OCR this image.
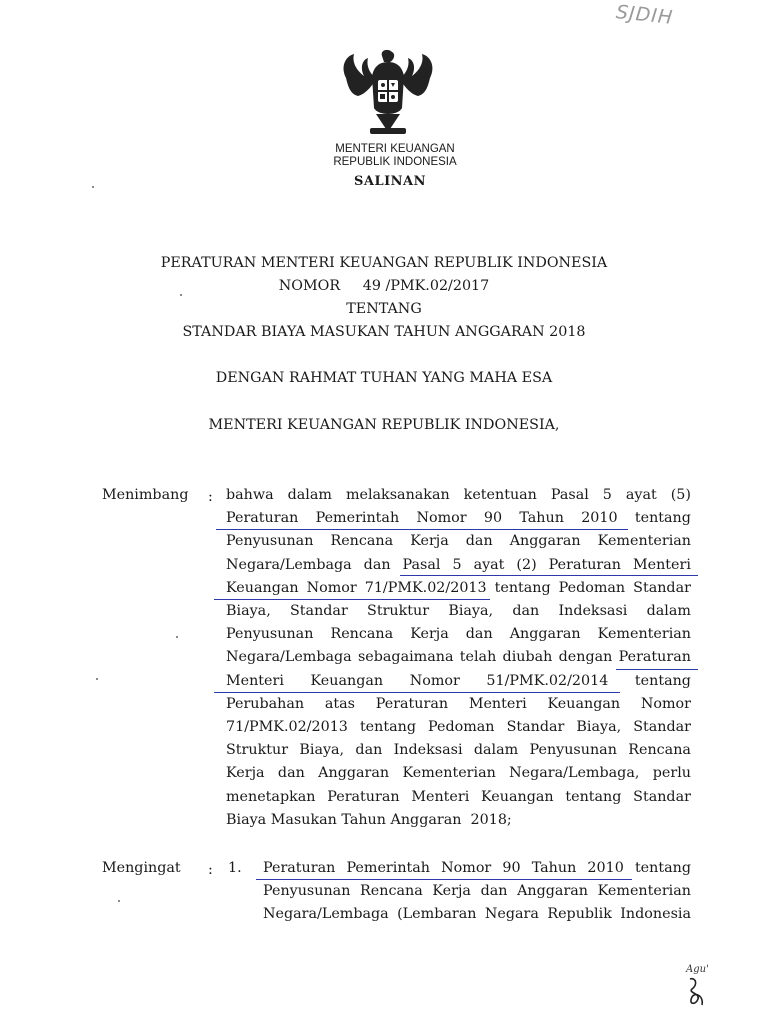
SJDIH
MENTERI KEUANGAN
REPUBLIK INDONESIA
SALINAN
PERATURAN MENTERI KEUANGAN REPUBLIK INDONESIA
NOMOR     49 /PMK.02/2017
TENTANG
STANDAR BIAYA MASUKAN TAHUN ANGGARAN 2018
DENGAN RAHMAT TUHAN YANG MAHA ESA
MENTERI KEUANGAN REPUBLIK INDONESIA,
Menimbang : bahwa dalam melaksanakan ketentuan Pasal 5 ayat (5)
Peraturan Pemerintah Nomor 90 Tahun 2010 tentang
Penyusunan Rencana Kerja dan Anggaran Kementerian
Negara/Lembaga dan Pasal 5 ayat (2) Peraturan Menteri
Keuangan Nomor 71/PMK.02/2013 tentang Pedoman Standar
Biaya, Standar Struktur Biaya, dan Indeksasi dalam
Penyusunan Rencana Kerja dan Anggaran Kementerian
Negara/Lembaga sebagaimana telah diubah dengan Peraturan
Menteri Keuangan Nomor 51/PMK.02/2014 tentang
Perubahan atas Peraturan Menteri Keuangan Nomor
71/PMK.02/2013 tentang Pedoman Standar Biaya, Standar
Struktur Biaya, dan Indeksasi dalam Penyusunan Rencana
Kerja dan Anggaran Kementerian Negara/Lembaga, perlu
menetapkan Peraturan Menteri Keuangan tentang Standar
Biaya Masukan Tahun Anggaran  2018;
Mengingat : 1. Peraturan Pemerintah Nomor 90 Tahun 2010 tentang
Penyusunan Rencana Kerja dan Anggaran Kementerian
Negara/Lembaga (Lembaran Negara Republik Indonesia
Agu'
